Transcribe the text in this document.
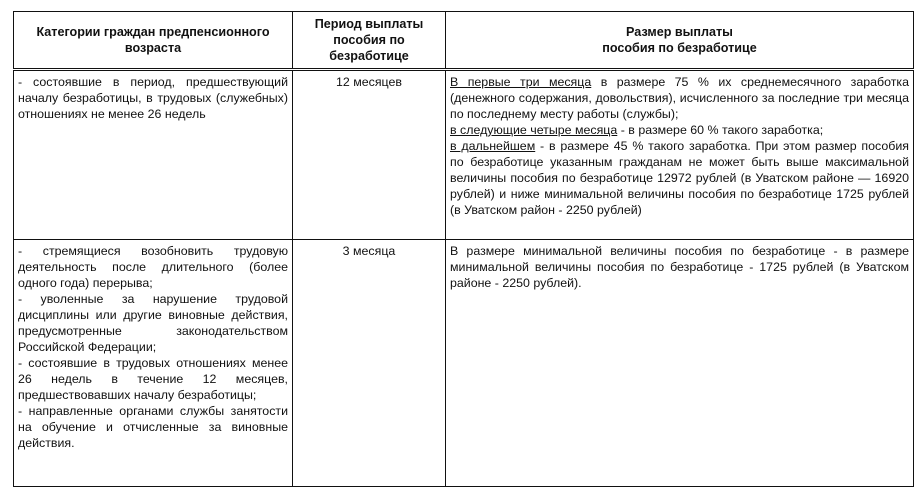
Категории граждан предпенсионного возраста	Период выплаты пособия по безработице	Размер выплаты
пособия по безработице

- состоявшие в период, предшествующий началу безработицы, в трудовых (служебных) отношениях не менее 26 недель	12 месяцев	В первые три месяца в размере 75 % их среднемесячного заработка (денежного содержания, довольствия), исчисленного за последние три месяца по последнему месту работы (службы);
в следующие четыре месяца - в размере 60 % такого заработка;
в дальнейшем - в размере 45 % такого заработка. При этом размер пособия по безработице указанным гражданам не может быть выше максимальной величины пособия по безработице 12972 рублей (в Уватском районе — 16920 рублей) и ниже минимальной величины пособия по безработице 1725 рублей (в Уватском район - 2250 рублей)

- стремящиеся возобновить трудовую деятельность после длительного (более одного года) перерыва;
- уволенные за нарушение трудовой дисциплины или другие виновные действия, предусмотренные законодательством Российской Федерации;
- состоявшие в трудовых отношениях менее 26 недель в течение 12 месяцев, предшествовавших началу безработицы;
- направленные органами службы занятости на обучение и отчисленные за виновные действия.	3 месяца	В размере минимальной величины пособия по безработице - в размере минимальной величины пособия по безработице - 1725 рублей (в Уватском районе - 2250 рублей).
